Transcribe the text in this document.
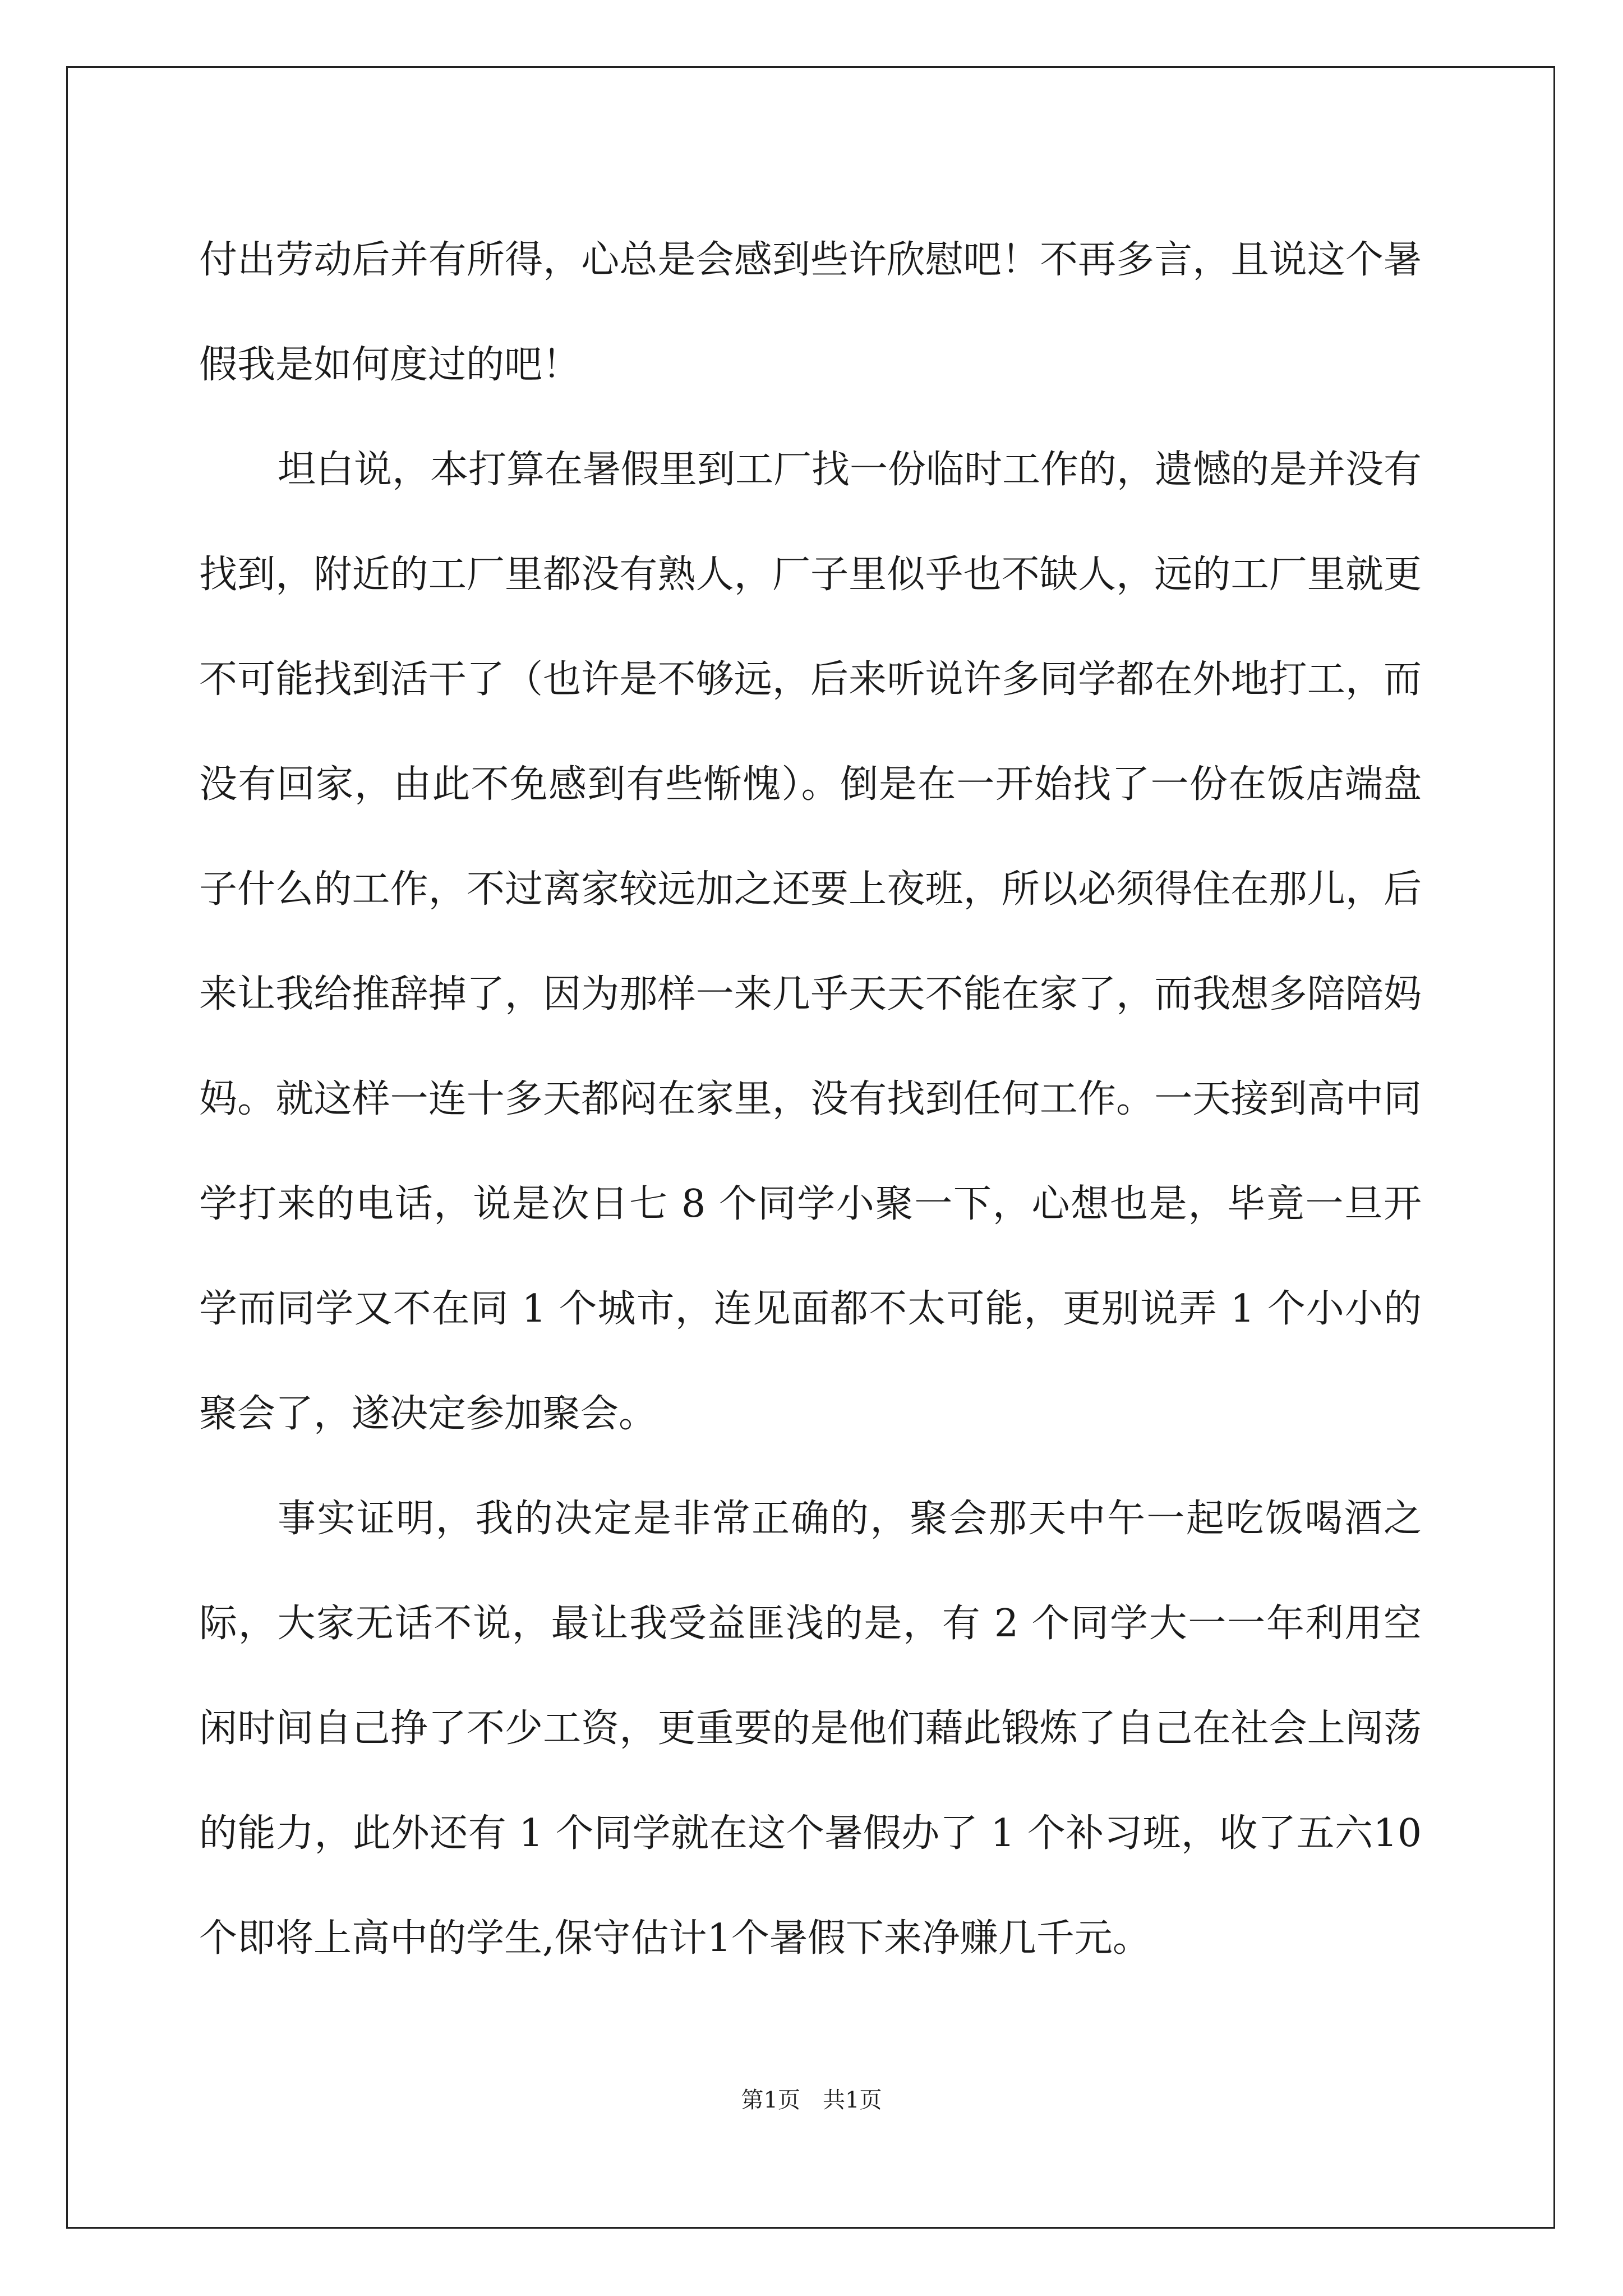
付出劳动后并有所得，心总是会感到些许欣慰吧！不再多言，且说这个暑假我是如何度过的吧！

坦白说，本打算在暑假里到工厂找一份临时工作的，遗憾的是并没有找到，附近的工厂里都没有熟人，厂子里似乎也不缺人，远的工厂里就更不可能找到活干了（也许是不够远，后来听说许多同学都在外地打工，而没有回家，由此不免感到有些惭愧）。倒是在一开始找了一份在饭店端盘子什么的工作，不过离家较远加之还要上夜班，所以必须得住在那儿，后来让我给推辞掉了，因为那样一来几乎天天不能在家了，而我想多陪陪妈妈。就这样一连十多天都闷在家里，没有找到任何工作。一天接到高中同学打来的电话，说是次日七 8 个同学小聚一下，心想也是，毕竟一旦开学而同学又不在同 1 个城市，连见面都不太可能，更别说弄 1 个小小的聚会了，遂决定参加聚会。

事实证明，我的决定是非常正确的，聚会那天中午一起吃饭喝酒之际，大家无话不说，最让我受益匪浅的是，有 2 个同学大一一年利用空闲时间自己挣了不少工资，更重要的是他们藉此锻炼了自己在社会上闯荡的能力，此外还有 1 个同学就在这个暑假办了 1 个补习班，收了五六10个即将上高中的学生,保守估计1个暑假下来净赚几千元。

第1页　共1页
